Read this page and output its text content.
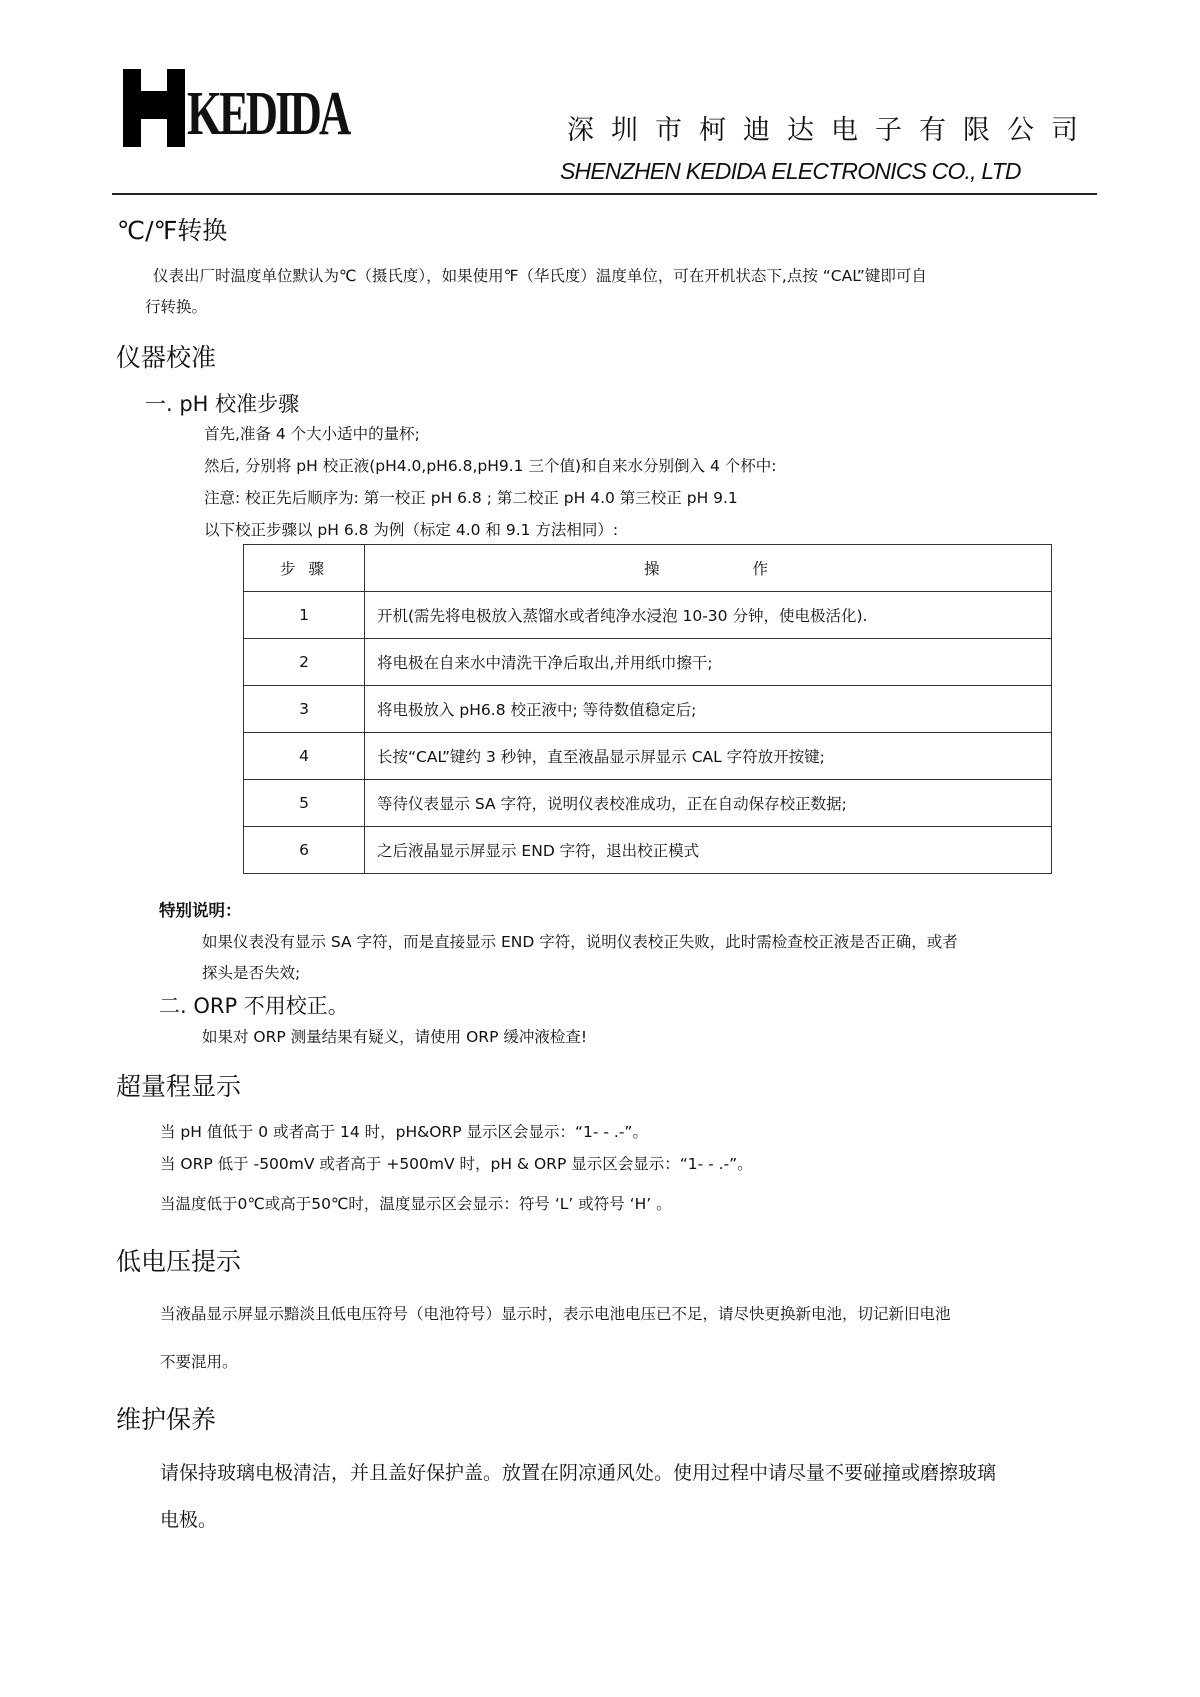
KEDIDA	深圳市柯迪达电子有限公司
SHENZHEN KEDIDA ELECTRONICS CO., LTD
℃/℉转换
仪表出厂时温度单位默认为℃（摄氏度），如果使用℉（华氏度）温度单位，可在开机状态下,点按 “CAL”键即可自
行转换。
仪器校准
一. pH 校准步骤
首先,准备 4 个大小适中的量杯;
然后, 分别将 pH 校正液(pH4.0,pH6.8,pH9.1 三个值)和自来水分别倒入 4 个杯中:
注意: 校正先后顺序为: 第一校正 pH 6.8 ; 第二校正 pH 4.0 第三校正 pH 9.1
以下校正步骤以 pH 6.8 为例（标定 4.0 和 9.1 方法相同）:
步 骤	操 作
1	开机(需先将电极放入蒸馏水或者纯净水浸泡 10-30 分钟，使电极活化).
2	将电极在自来水中清洗干净后取出,并用纸巾擦干;
3	将电极放入 pH6.8 校正液中; 等待数值稳定后;
4	长按“CAL”键约 3 秒钟，直至液晶显示屏显示 CAL 字符放开按键;
5	等待仪表显示 SA 字符，说明仪表校准成功，正在自动保存校正数据;
6	之后液晶显示屏显示 END 字符，退出校正模式
特别说明：
如果仪表没有显示 SA 字符，而是直接显示 END 字符，说明仪表校正失败，此时需检查校正液是否正确，或者
探头是否失效;
二. ORP 不用校正。
如果对 ORP 测量结果有疑义，请使用 ORP 缓冲液检查!
超量程显示
当 pH 值低于 0 或者高于 14 时，pH&ORP 显示区会显示：“1- - .-”。
当 ORP 低于 -500mV 或者高于 +500mV 时，pH & ORP 显示区会显示：“1- - .-”。
当温度低于0℃或高于50℃时，温度显示区会显示：符号 ‘L’ 或符号 ‘H’ 。
低电压提示
当液晶显示屏显示黯淡且低电压符号（电池符号）显示时，表示电池电压已不足，请尽快更换新电池，切记新旧电池
不要混用。
维护保养
请保持玻璃电极清洁，并且盖好保护盖。放置在阴凉通风处。使用过程中请尽量不要碰撞或磨擦玻璃
电极。
